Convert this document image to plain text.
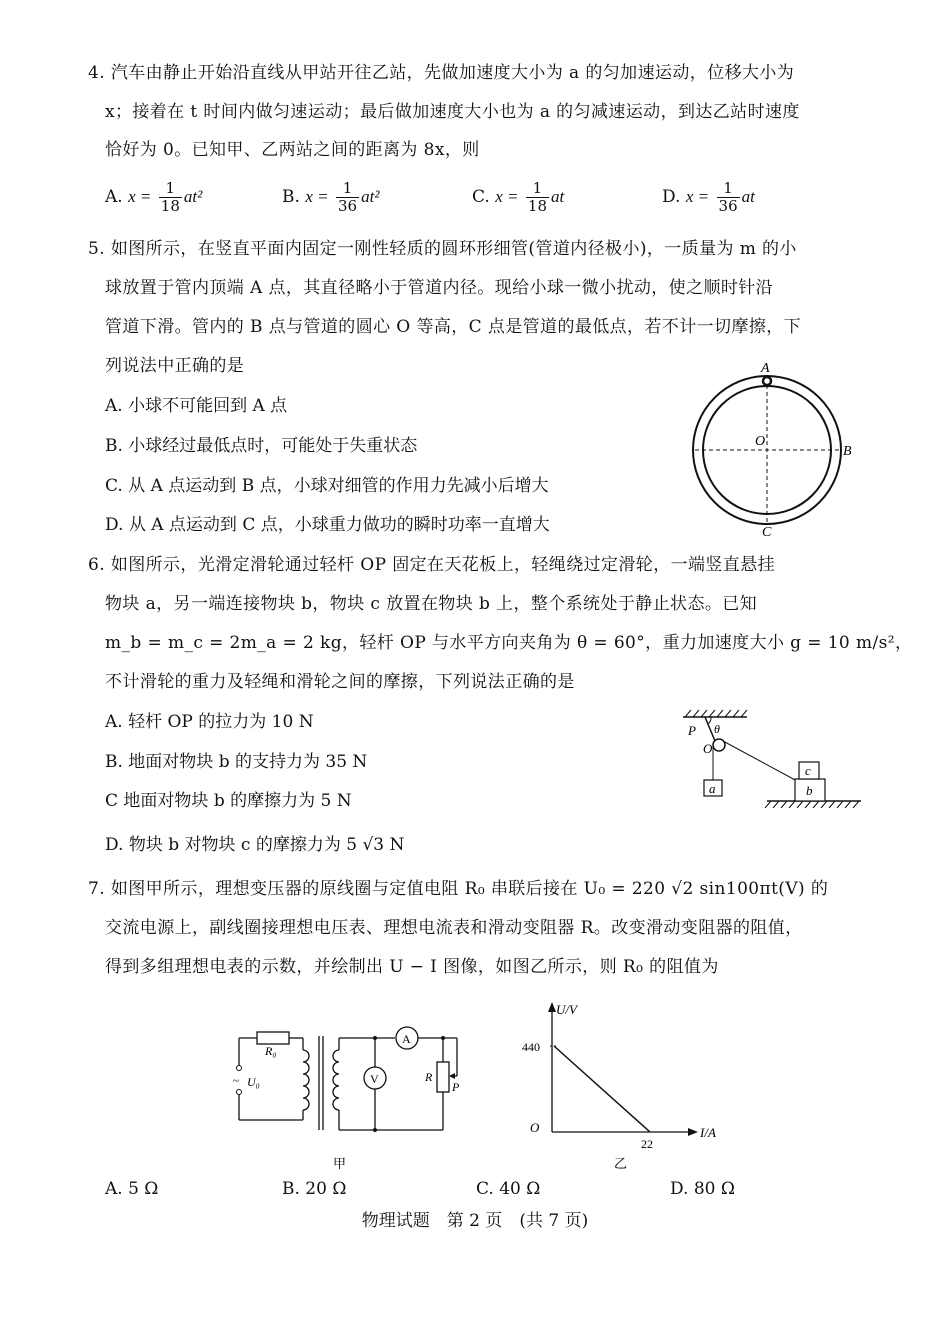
4. 汽车由静止开始沿直线从甲站开往乙站，先做加速度大小为 a 的匀加速运动，位移大小为
x；接着在 t 时间内做匀速运动；最后做加速度大小也为 a 的匀减速运动，到达乙站时速度
恰好为 0。已知甲、乙两站之间的距离为 8x，则
A. $x = \frac{1}{18} at^2$	B. $x = \frac{1}{36} at^2$	C. $x = \frac{1}{18}$ at	D. $x = \frac{1}{36}$ at
5. 如图所示，在竖直平面内固定一刚性轻质的圆环形细管(管道内径极小)，一质量为 m 的小
球放置于管内顶端 A 点，其直径略小于管道内径。现给小球一微小扰动，使之顺时针沿
管道下滑。管内的 B 点与管道的圆心 O 等高，C 点是管道的最低点，若不计一切摩擦，下
列说法中正确的是
A. 小球不可能回到 A 点
B. 小球经过最低点时，可能处于失重状态
C. 从 A 点运动到 B 点，小球对细管的作用力先减小后增大
D. 从 A 点运动到 C 点，小球重力做功的瞬时功率一直增大
A
O
B
C
6. 如图所示，光滑定滑轮通过轻杆 OP 固定在天花板上，轻绳绕过定滑轮，一端竖直悬挂
物块 a，另一端连接物块 b，物块 c 放置在物块 b 上，整个系统处于静止状态。已知
m_b = m_c = 2m_a = 2 kg，轻杆 OP 与水平方向夹角为 θ = 60°，重力加速度大小 g = 10 m/s²，
不计滑轮的重力及轻绳和滑轮之间的摩擦，下列说法正确的是
A. 轻杆 OP 的拉力为 10 N
B. 地面对物块 b 的支持力为 35 N
C 地面对物块 b 的摩擦力为 5 N
D. 物块 b 对物块 c 的摩擦力为 5 √3 N
P θ
O
a	b
c
7. 如图甲所示，理想变压器的原线圈与定值电阻 R₀ 串联后接在 U₀ = 220 √2 sin100πt(V) 的
交流电源上，副线圈接理想电压表、理想电流表和滑动变阻器 R。改变滑动变阻器的阻值，
得到多组理想电表的示数，并绘制出 U − I 图像，如图乙所示，则 R₀ 的阻值为
~
R₀
U₀
A
V	R
P
甲
U/V
I/A
O
440
22
乙
A. 5 Ω	B. 20 Ω	C. 40 Ω	D. 80 Ω
物理试题　第 2 页　(共 7 页)
